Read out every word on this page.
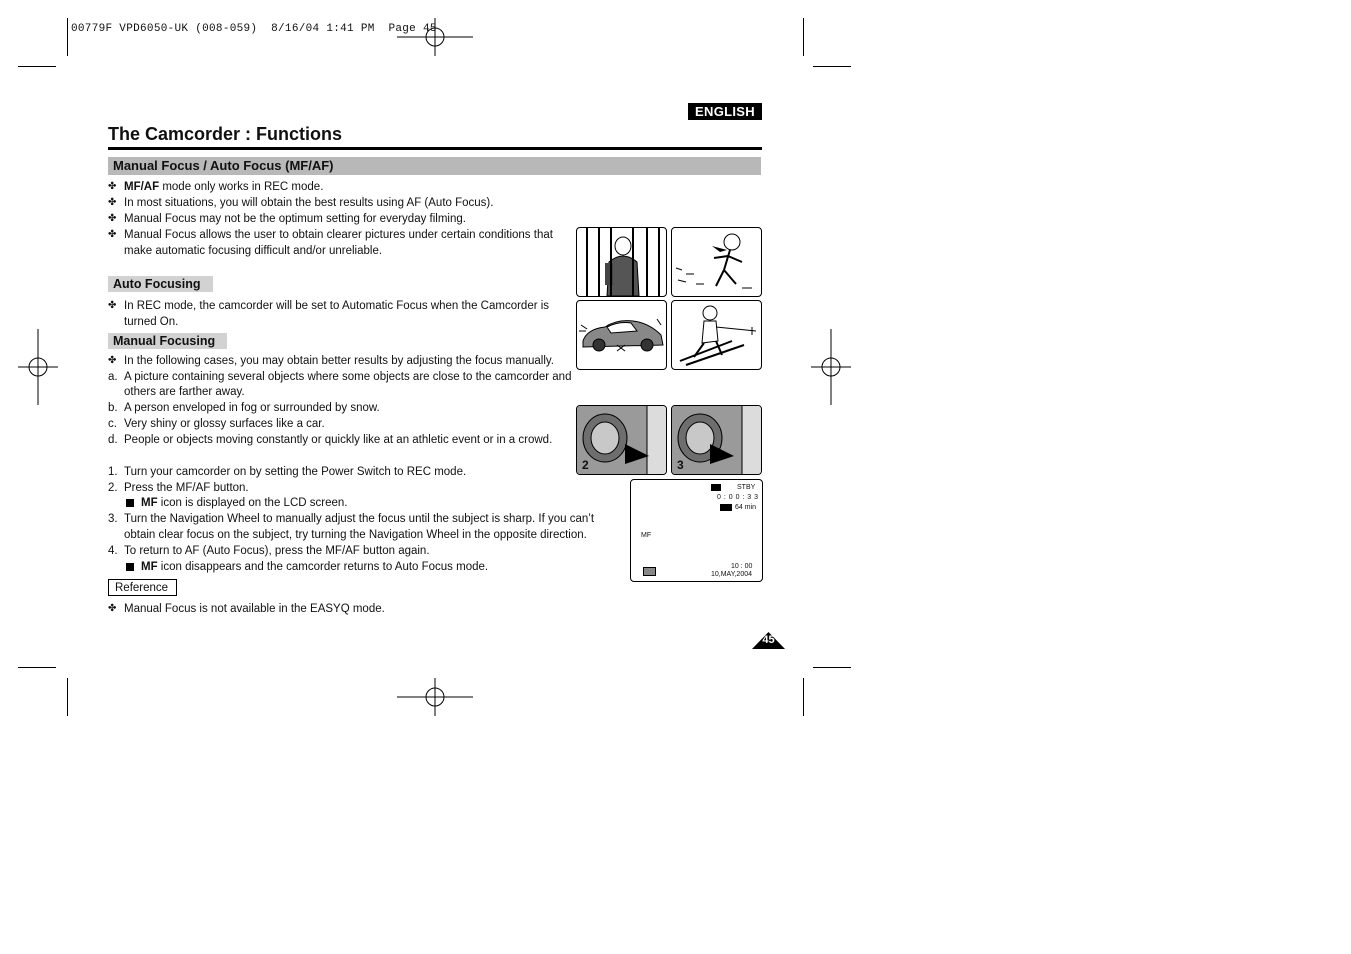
00779F VPD6050-UK (008-059)  8/16/04 1:41 PM  Page 45
ENGLISH
The Camcorder : Functions
Manual Focus / Auto Focus (MF/AF)
✤ MF/AF mode only works in REC mode.
✤ In most situations, you will obtain the best results using AF (Auto Focus).
✤ Manual Focus may not be the optimum setting for everyday filming.
✤ Manual Focus allows the user to obtain clearer pictures under certain conditions that
make automatic focusing difficult and/or unreliable.
Auto Focusing
✤ In REC mode, the camcorder will be set to Automatic Focus when the Camcorder is
turned On.
Manual Focusing
✤ In the following cases, you may obtain better results by adjusting the focus manually.
a. A picture containing several objects where some objects are close to the camcorder and
others are farther away.
b. A person enveloped in fog or surrounded by snow.
c. Very shiny or glossy surfaces like a car.
d. People or objects moving constantly or quickly like at an athletic event or in a crowd.
1. Turn your camcorder on by setting the Power Switch to REC mode.
2. Press the MF/AF button.
MF icon is displayed on the LCD screen.
3. Turn the Navigation Wheel to manually adjust the focus until the subject is sharp. If you can’t
obtain clear focus on the subject, try turning the Navigation Wheel in the opposite direction.
4. To return to AF (Auto Focus), press the MF/AF button again.
MF icon disappears and the camcorder returns to Auto Focus mode.
Reference
✤ Manual Focus is not available in the EASYQ mode.
2	3
STBY
0 : 0 0 : 3 3
64 min
MF
10 : 00
10,MAY,2004
45
